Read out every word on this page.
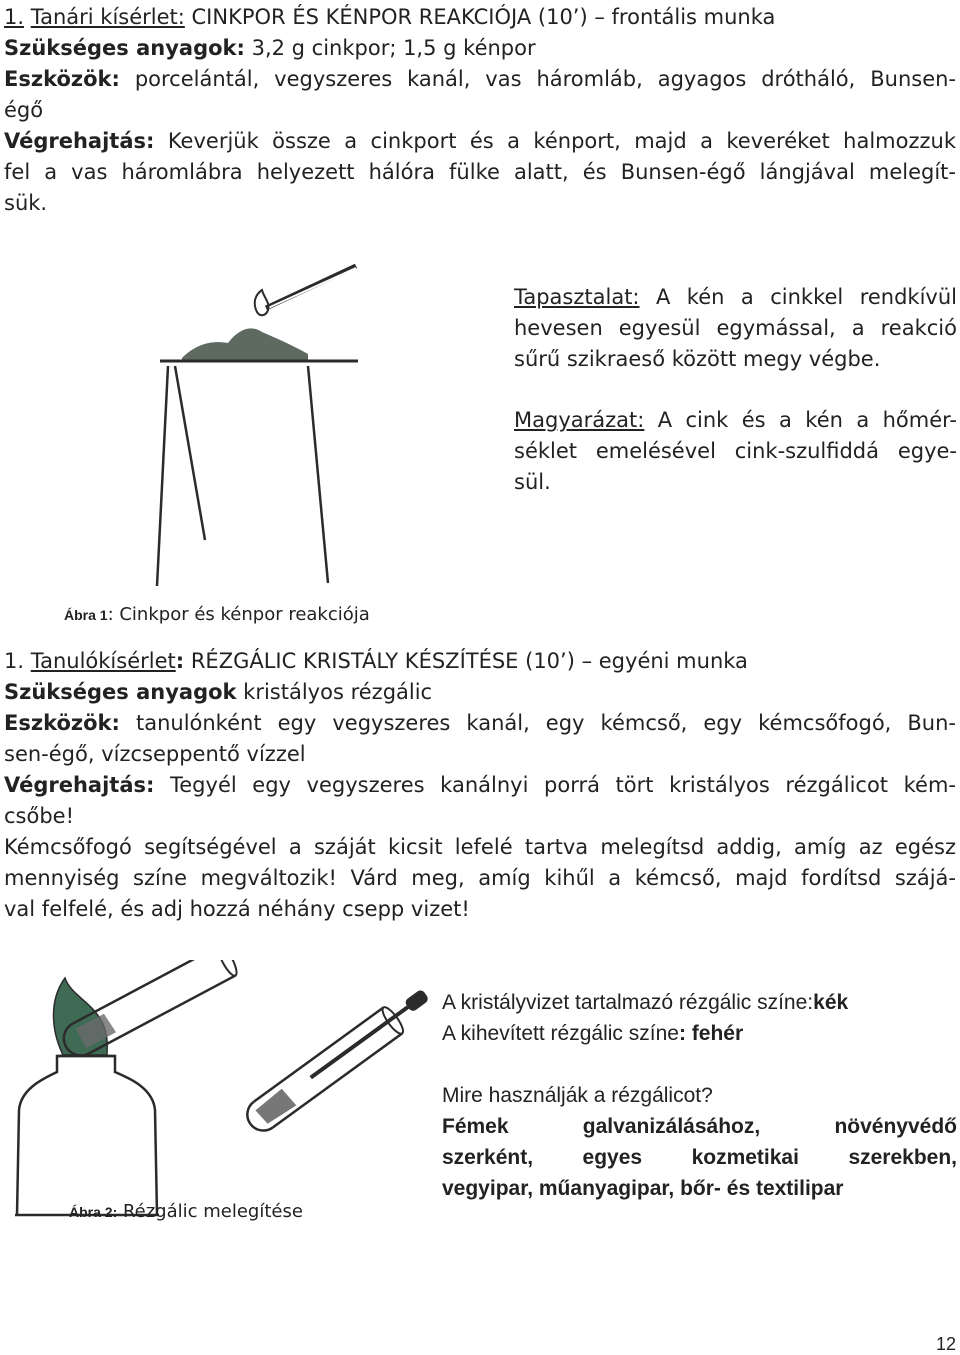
1. Tanári kísérlet: CINKPOR ÉS KÉNPOR REAKCIÓJA (10’) – frontális munka
Szükséges anyagok: 3,2 g cinkpor; 1,5 g kénpor
Eszközök: porcelántál, vegyszeres kanál, vas háromláb, agyagos drótháló, Bunsen-
égő
Végrehajtás: Keverjük össze a cinkport és a kénport, majd a keveréket halmozzuk
fel a vas háromlábra helyezett hálóra fülke alatt, és Bunsen-égő lángjával melegít-
sük.
Tapasztalat: A kén a cinkkel rendkívül
hevesen egyesül egymással, a reakció
sűrű szikraeső között megy végbe.
Magyarázat: A cink és a kén a hőmér-
séklet emelésével cink-szulfiddá egye-
sül.
Ábra 1: Cinkpor és kénpor reakciója
1. Tanulókísérlet: RÉZGÁLIC KRISTÁLY KÉSZÍTÉSE (10’) – egyéni munka
Szükséges anyagok kristályos rézgálic
Eszközök: tanulónként egy vegyszeres kanál, egy kémcső, egy kémcsőfogó, Bun-
sen-égő, vízcseppentő vízzel
Végrehajtás: Tegyél egy vegyszeres kanálnyi porrá tört kristályos rézgálicot kém-
csőbe!
Kémcsőfogó segítségével a száját kicsit lefelé tartva melegítsd addig, amíg az egész
mennyiség színe megváltozik! Várd meg, amíg kihűl a kémcső, majd fordítsd szájá-
val felfelé, és adj hozzá néhány csepp vizet!
Ábra 2: Rézgálic melegítése
A kristályvizet tartalmazó rézgálic színe:kék
A kihevített rézgálic színe: fehér
Mire használják a rézgálicot?
Fémek galvanizálásához, növényvédő
szerként, egyes kozmetikai szerekben,
vegyipar, műanyagipar, bőr- és textilipar
12
